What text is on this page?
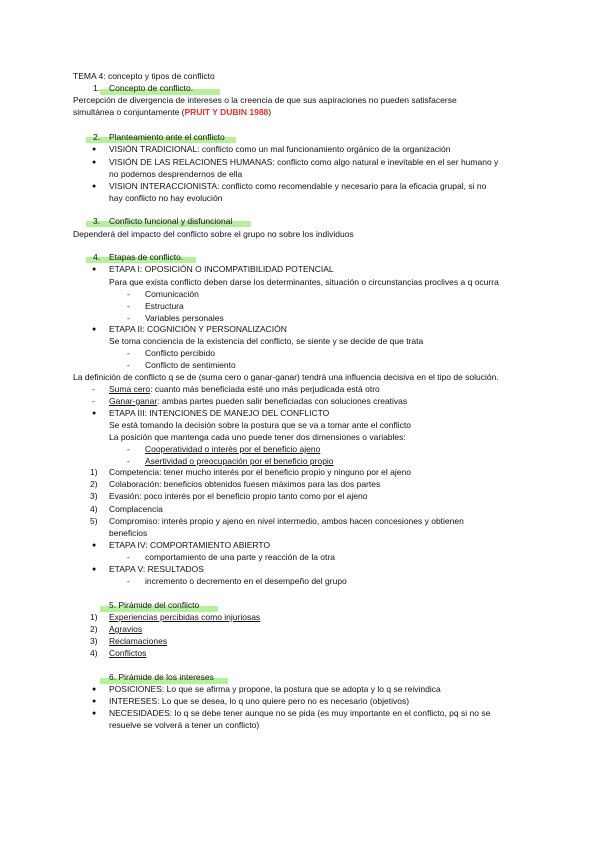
TEMA 4: concepto y tipos de conflicto
1. Concepto de conflicto.
Percepción de divergencia de intereses o la creencia de que sus aspiraciones no pueden satisfacerse
simultánea o conjuntamente (PRUIT Y DUBIN 1988)
2. Planteamiento ante el conflicto
● VISIÓN TRADICIONAL: conflicto como un mal funcionamiento orgánico de la organización
● VISIÓN DE LAS RELACIONES HUMANAS: conflicto como algo natural e inevitable en el ser humano y
no podemos desprendernos de ella
● VISION INTERACCIONISTA: conflicto como recomendable y necesario para la eficacia grupal, si no
hay conflicto no hay evolución
3. Conflicto funcional y disfuncional
Dependerá del impacto del conflicto sobre el grupo no sobre los individuos
4. Etapas de conflicto.
● ETAPA I: OPOSICIÓN O INCOMPATIBILIDAD POTENCIAL
Para que exista conflicto deben darse los determinantes, situación o circunstancias proclives a q ocurra
- Comunicación
- Estructura
- Variables personales
● ETAPA II: COGNICIÓN Y PERSONALIZACIÓN
Se toma conciencia de la existencia del conflicto, se siente y se decide de que trata
- Conflicto percibido
- Conflicto de sentimiento
La definición de conflicto q se de (suma cero o ganar-ganar) tendrá una influencia decisiva en el tipo de solución.
- Suma cero: cuanto más beneficiada esté uno más perjudicada está otro
- Ganar-ganar: ambas partes pueden salir beneficiadas con soluciones creativas
● ETAPA III: INTENCIONES DE MANEJO DEL CONFLICTO
Se está tomando la decisión sobre la postura que se va a tomar ante el conflicto
La posición que mantenga cada uno puede tener dos dimensiones o variables:
- Cooperatividad o interés por el beneficio ajeno
- Asertividad o preocupación por el beneficio propio
1) Competencia: tener mucho interés por el beneficio propio y ninguno por el ajeno
2) Colaboración: beneficios obtenidos fuesen máximos para las dos partes
3) Evasión: poco interés por el beneficio propio tanto como por el ajeno
4) Complacencia
5) Compromiso: interés propio y ajeno en nivel intermedio, ambos hacen concesiones y obtienen
beneficios
● ETAPA IV: COMPORTAMIENTO ABIERTO
- comportamiento de una parte y reacción de la otra
● ETAPA V: RESULTADOS
- incremento o decremento en el desempeño del grupo
5. Pirámide del conflicto
1) Experiencias percibidas como injuriosas
2) Agravios
3) Reclamaciones
4) Conflictos
6. Pirámide de los intereses
● POSICIONES: Lo que se afirma y propone, la postura que se adopta y lo q se reivindica
● INTERESES: Lo que se desea, lo q uno quiere pero no es necesario (objetivos)
● NECESIDADES: lo q se debe tener aunque no se pida (es muy importante en el conflicto, pq si no se
resuelve se volverá a tener un conflicto)
